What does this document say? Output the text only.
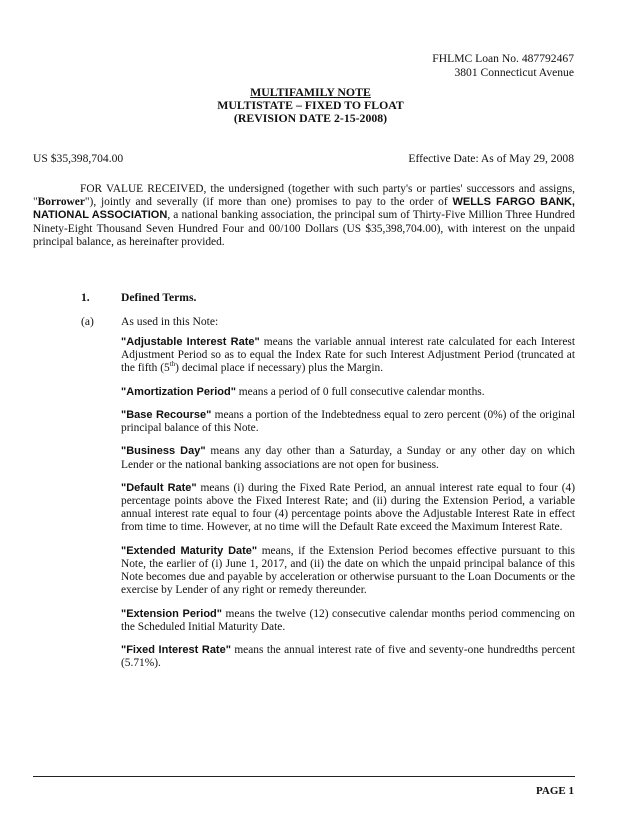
FHLMC Loan No. 487792467
3801 Connecticut Avenue
MULTIFAMILY NOTE
MULTISTATE – FIXED TO FLOAT
(REVISION DATE 2-15-2008)
US $35,398,704.00	Effective Date: As of May 29, 2008
FOR VALUE RECEIVED, the undersigned (together with such party's or parties' successors and assigns, "Borrower"), jointly and severally (if more than one) promises to pay to the order of WELLS FARGO BANK, NATIONAL ASSOCIATION, a national banking association, the principal sum of Thirty-Five Million Three Hundred Ninety-Eight Thousand Seven Hundred Four and 00/100 Dollars (US $35,398,704.00), with interest on the unpaid principal balance, as hereinafter provided.
1.	Defined Terms.
(a) As used in this Note:

"Adjustable Interest Rate" means the variable annual interest rate calculated for each Interest Adjustment Period so as to equal the Index Rate for such Interest Adjustment Period (truncated at the fifth (5th) decimal place if necessary) plus the Margin.

"Amortization Period" means a period of 0 full consecutive calendar months.

"Base Recourse" means a portion of the Indebtedness equal to zero percent (0%) of the original principal balance of this Note.

"Business Day" means any day other than a Saturday, a Sunday or any other day on which Lender or the national banking associations are not open for business.

"Default Rate" means (i) during the Fixed Rate Period, an annual interest rate equal to four (4) percentage points above the Fixed Interest Rate; and (ii) during the Extension Period, a variable annual interest rate equal to four (4) percentage points above the Adjustable Interest Rate in effect from time to time. However, at no time will the Default Rate exceed the Maximum Interest Rate.

"Extended Maturity Date" means, if the Extension Period becomes effective pursuant to this Note, the earlier of (i) June 1, 2017, and (ii) the date on which the unpaid principal balance of this Note becomes due and payable by acceleration or otherwise pursuant to the Loan Documents or the exercise by Lender of any right or remedy thereunder.

"Extension Period" means the twelve (12) consecutive calendar months period commencing on the Scheduled Initial Maturity Date.

"Fixed Interest Rate" means the annual interest rate of five and seventy-one hundredths percent (5.71%).

PAGE 1
